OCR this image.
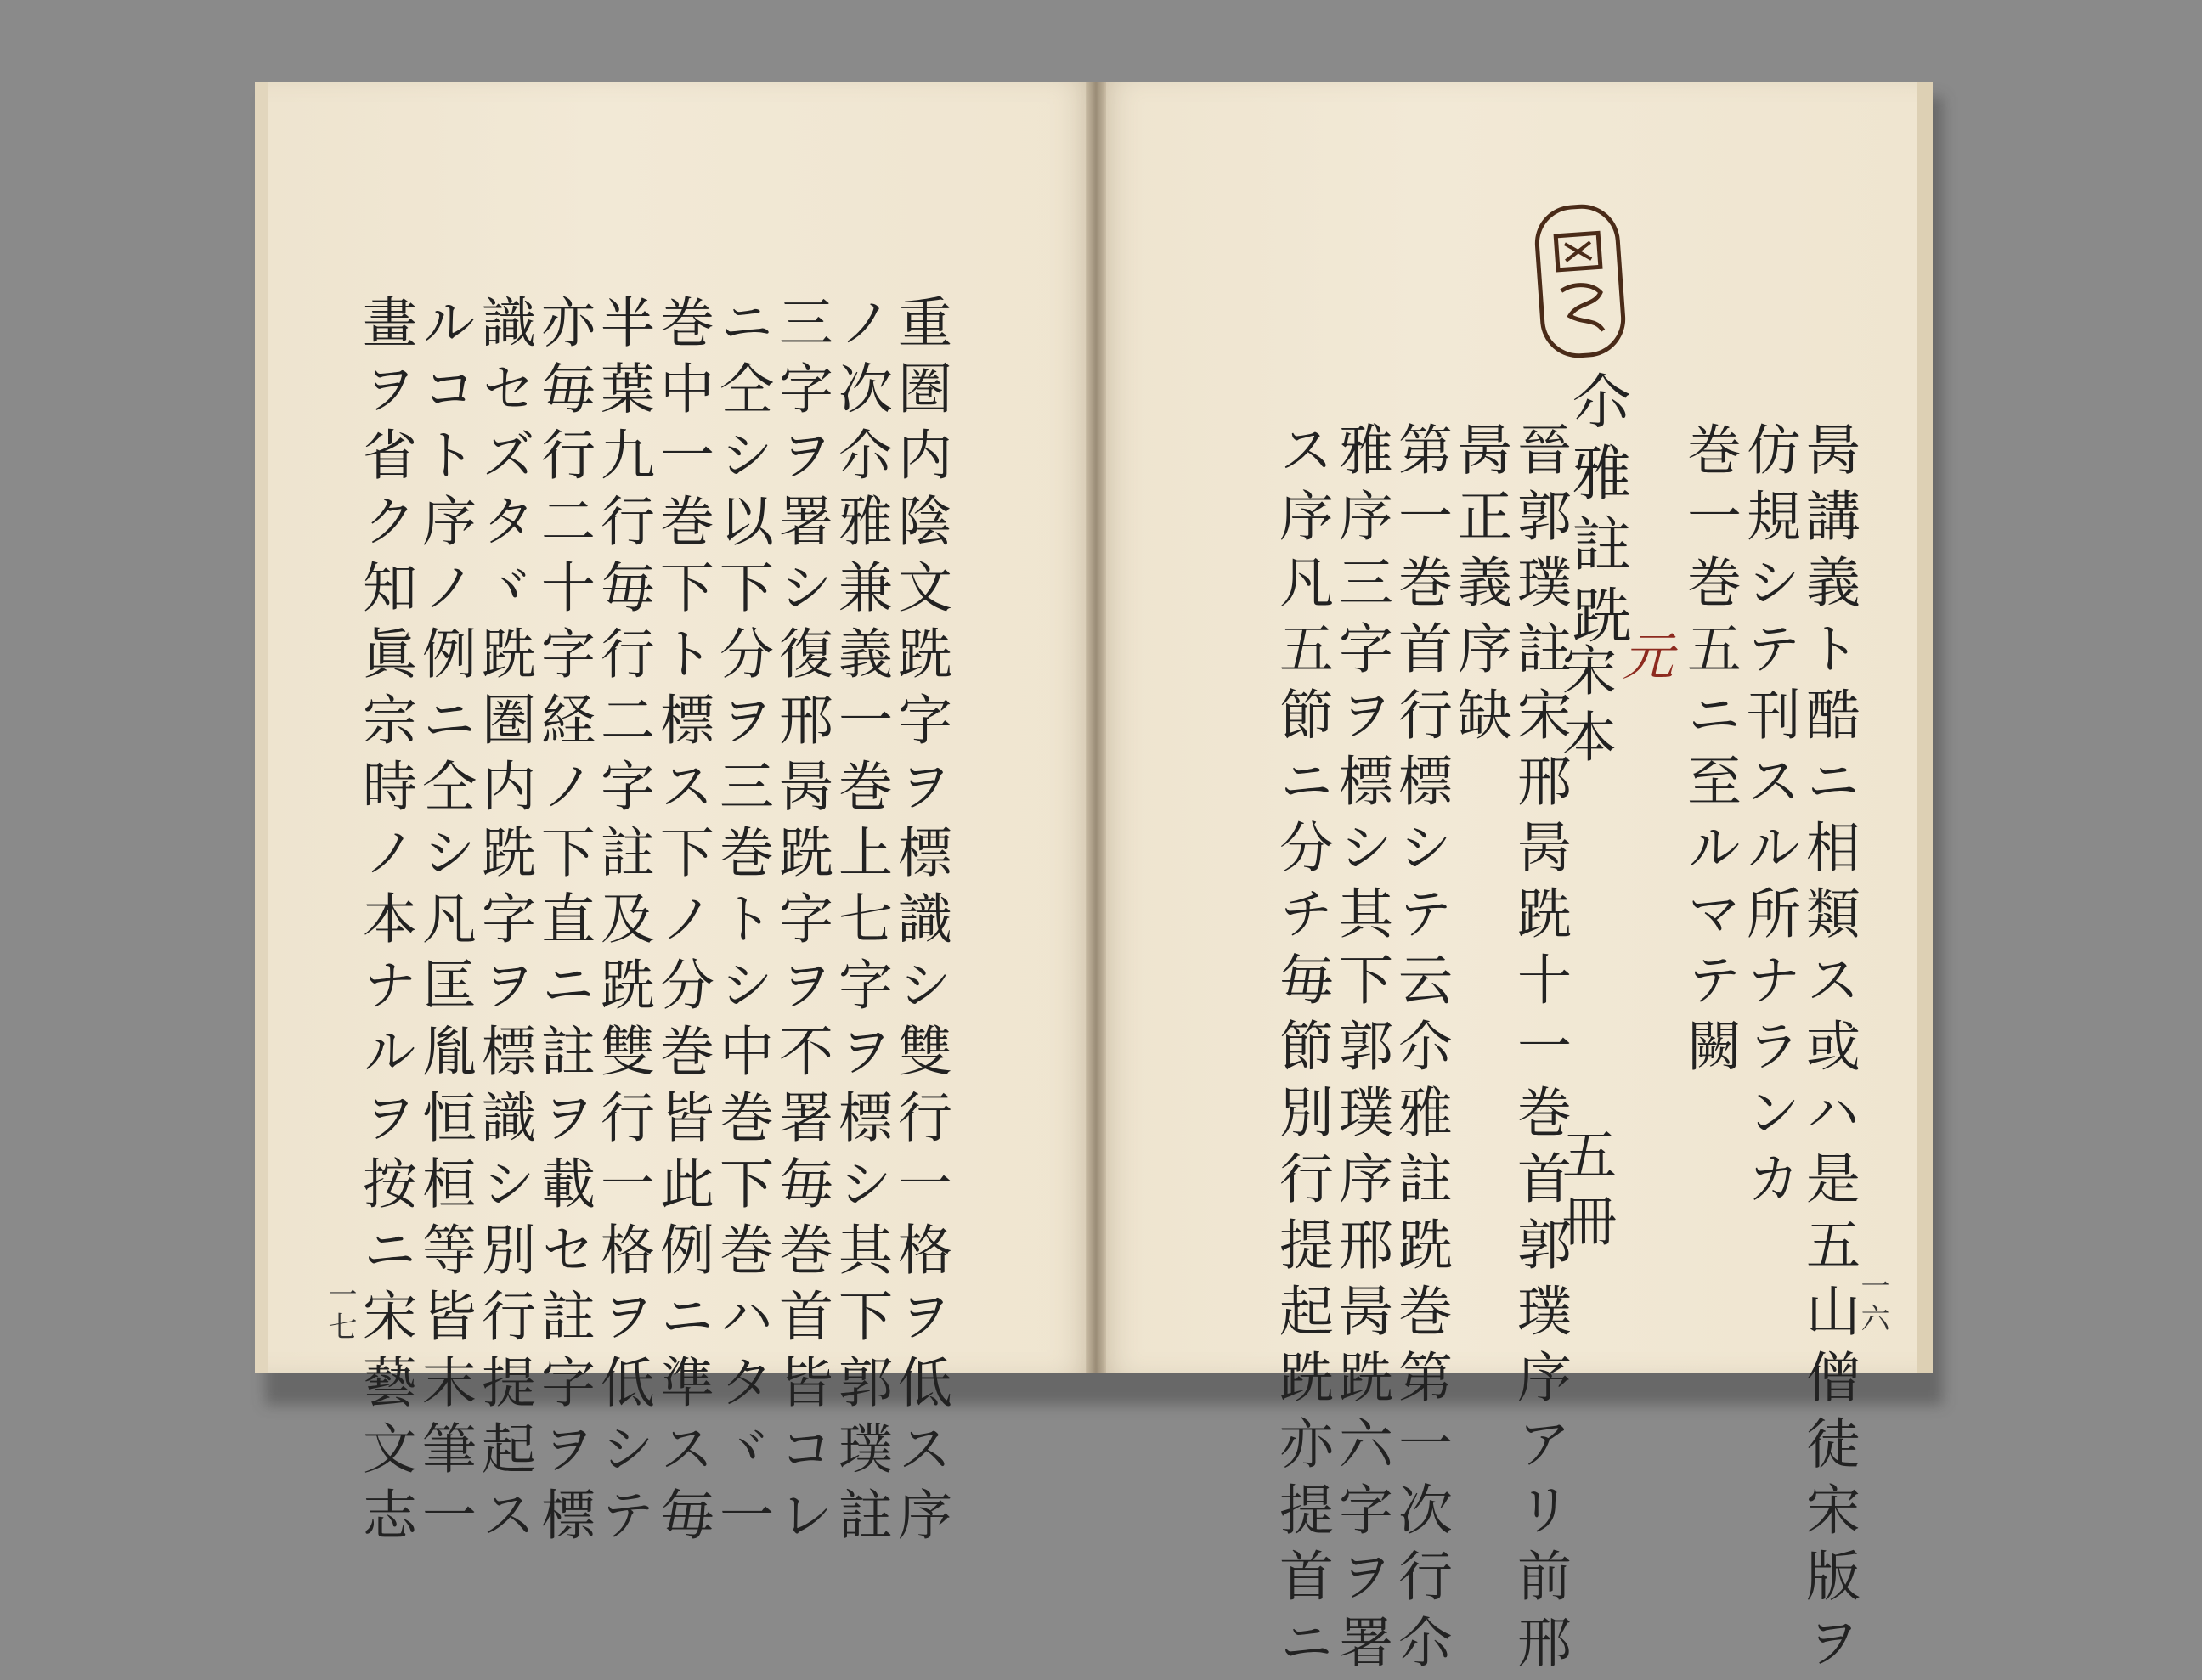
重圏内陰文跣字ヲ標識シ雙行一格ヲ低ス序
ノ次尒雅兼義一巻上七字ヲ標シ其下郭璞註
三字ヲ署シ復邢昺跣字ヲ不署毎巻首皆コレ
ニ仝シ以下分ヲ三巻トシ中巻下巻ハタヾ一
巻中一巻下ト標ス下ノ分巻皆此例ニ準ス毎
半葉九行毎行二字註及跣雙行一格ヲ低シテ
亦毎行二十字経ノ下直ニ註ヲ載セ註字ヲ標
識セズタヾ跣圏内跣字ヲ標識シ別行提起ス
ルコト序ノ例ニ仝シ凡匡胤恒桓等皆末筆一
畫ヲ省ク知眞宗時ノ本ナルヲ按ニ宋藝文志
一七	昺講義ト酷ニ相類ス或ハ是五山僧徒宋版ヲ
仿規シテ刊スル所ナランカ
巻一巻五ニ至ルマテ闕
尒雅註跣
元
宋本
五冊
晉郭璞註宋邢昺跣十一巻首郭璞序アリ前邢
昺正義序缺
第一巻首行標シテ云尒雅註跣巻第一次行尒
雅序三字ヲ標シ其下郭璞序邢昺跣六字ヲ署
ス序凡五節ニ分チ毎節別行提起跣亦提首ニ	一六
